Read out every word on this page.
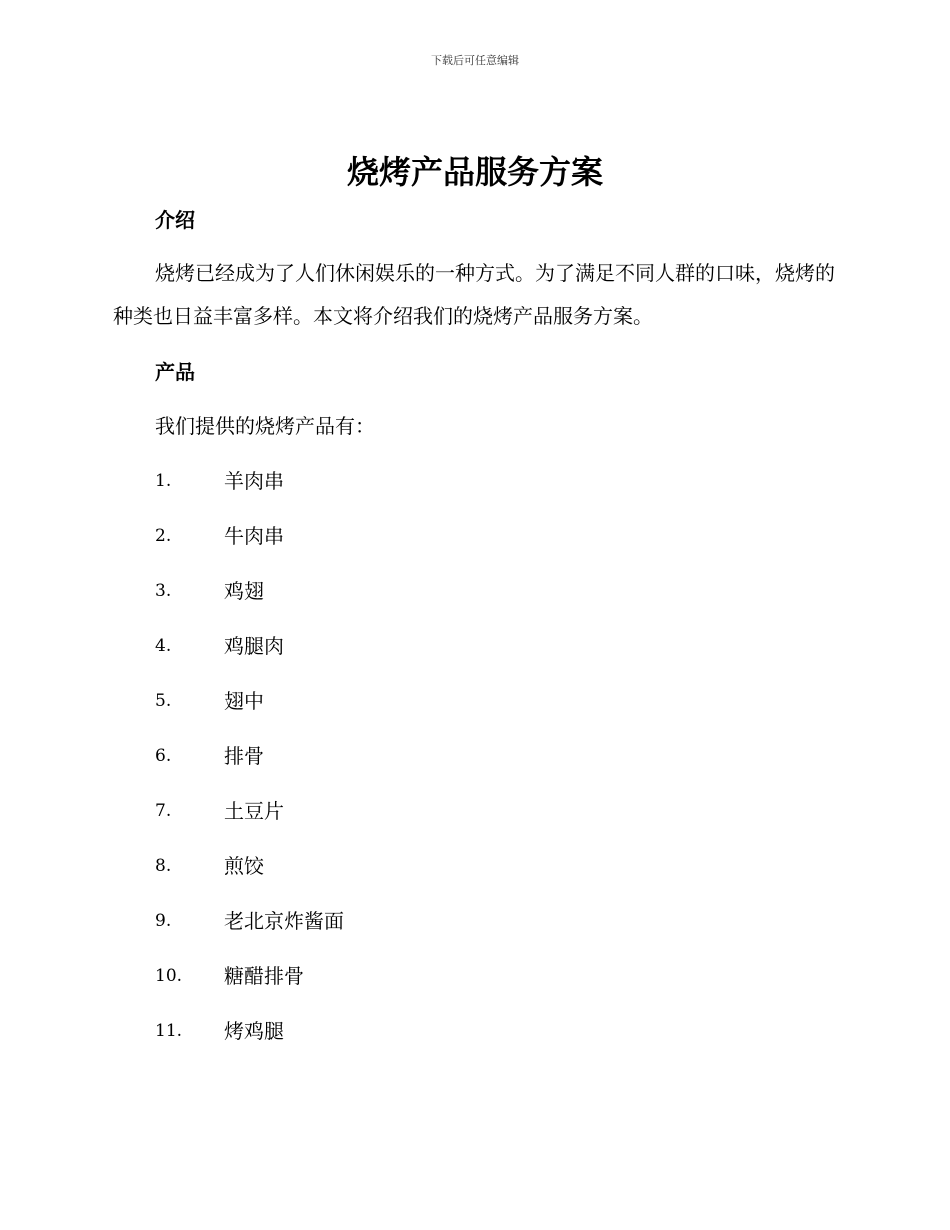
下载后可任意编辑
烧烤产品服务方案
介绍

烧烤已经成为了人们休闲娱乐的一种方式。为了满足不同人群的口味，烧烤的种类也日益丰富多样。本文将介绍我们的烧烤产品服务方案。

产品

我们提供的烧烤产品有：

1.	羊肉串
2.	牛肉串
3.	鸡翅
4.	鸡腿肉
5.	翅中
6.	排骨
7.	土豆片
8.	煎饺
9.	老北京炸酱面
10.	糖醋排骨
11.	烤鸡腿
